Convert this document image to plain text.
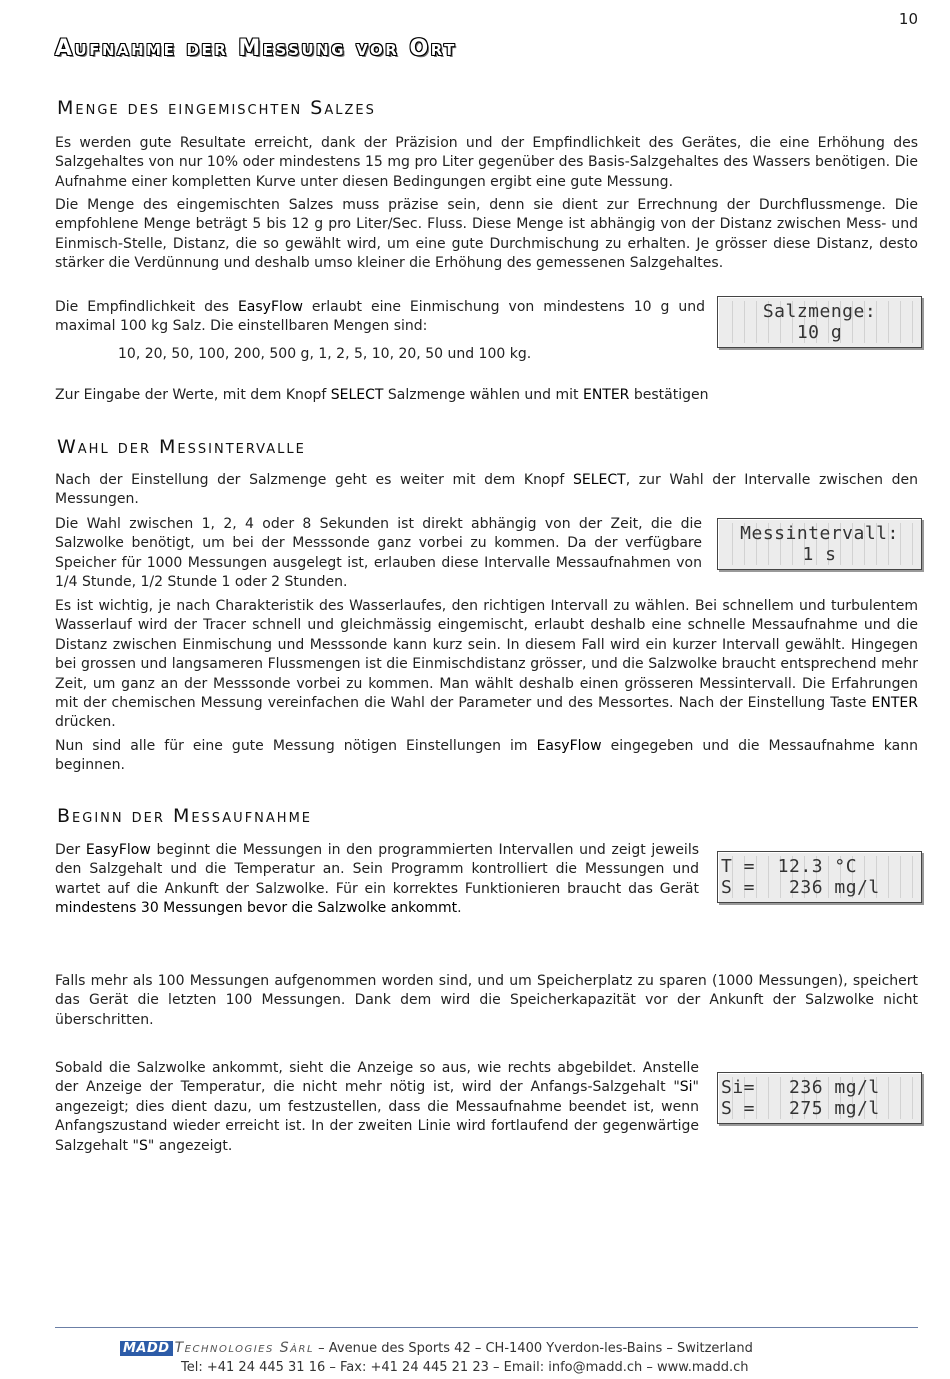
10
Aufnahme der Messung vor Ort
Menge des eingemischten Salzes

Es werden gute Resultate erreicht, dank der Präzision und der Empfindlichkeit des Gerätes, die eine Erhöhung des Salzgehaltes von nur 10% oder mindestens 15 mg pro Liter gegenüber des Basis-Salzgehaltes des Wassers benötigen. Die Aufnahme einer kompletten Kurve unter diesen Bedingungen ergibt eine gute Messung.

Die Menge des eingemischten Salzes muss präzise sein, denn sie dient zur Errechnung der Durchflussmenge. Die empfohlene Menge beträgt 5 bis 12 g pro Liter/Sec. Fluss. Diese Menge ist abhängig von der Distanz zwischen Mess- und Einmisch-Stelle, Distanz, die so gewählt wird, um eine gute Durchmischung zu erhalten. Je grösser diese Distanz, desto stärker die Verdünnung und deshalb umso kleiner die Erhöhung des gemessenen Salzgehaltes.

Die Empfindlichkeit des EasyFlow erlaubt eine Einmischung von mindestens 10 g und maximal 100 kg Salz. Die einstellbaren Mengen sind:

10, 20, 50, 100, 200, 500 g, 1, 2, 5, 10, 20, 50 und 100 kg.

Zur Eingabe der Werte, mit dem Knopf SELECT Salzmenge wählen und mit ENTER bestätigen

Salzmenge:
10 g
Wahl der Messintervalle

Nach der Einstellung der Salzmenge geht es weiter mit dem Knopf SELECT, zur Wahl der Intervalle zwischen den Messungen.

Die Wahl zwischen 1, 2, 4 oder 8 Sekunden ist direkt abhängig von der Zeit, die die Salzwolke benötigt, um bei der Messsonde ganz vorbei zu kommen. Da der verfügbare Speicher für 1000 Messungen ausgelegt ist, erlauben diese Intervalle Messaufnahmen von 1/4 Stunde, 1/2 Stunde 1 oder 2 Stunden.

Es ist wichtig, je nach Charakteristik des Wasserlaufes, den richtigen Intervall zu wählen. Bei schnellem und turbulentem Wasserlauf wird der Tracer schnell und gleichmässig eingemischt, erlaubt deshalb eine schnelle Messaufnahme und die Distanz zwischen Einmischung und Messsonde kann kurz sein. In diesem Fall wird ein kurzer Intervall gewählt. Hingegen bei grossen und langsameren Flussmengen ist die Einmischdistanz grösser, und die Salzwolke braucht entsprechend mehr Zeit, um ganz an der Messsonde vorbei zu kommen. Man wählt deshalb einen grösseren Messintervall. Die Erfahrungen mit der chemischen Messung vereinfachen die Wahl der Parameter und des Messortes. Nach der Einstellung Taste ENTER drücken.

Nun sind alle für eine gute Messung nötigen Einstellungen im EasyFlow eingegeben und die Messaufnahme kann beginnen.

Messintervall:
1 s
Beginn der Messaufnahme

Der EasyFlow beginnt die Messungen in den programmierten Intervallen und zeigt jeweils den Salzgehalt und die Temperatur an. Sein Programm kontrolliert die Messungen und wartet auf die Ankunft der Salzwolke. Für ein korrektes Funktionieren braucht das Gerät mindestens 30 Messungen bevor die Salzwolke ankommt.

Falls mehr als 100 Messungen aufgenommen worden sind, und um Speicherplatz zu sparen (1000 Messungen), speichert das Gerät die letzten 100 Messungen. Dank dem wird die Speicherkapazität vor der Ankunft der Salzwolke nicht überschritten.

Sobald die Salzwolke ankommt, sieht die Anzeige so aus, wie rechts abgebildet. Anstelle der Anzeige der Temperatur, die nicht mehr nötig ist, wird der Anfangs-Salzgehalt "Si" angezeigt; dies dient dazu, um festzustellen, dass die Messaufnahme beendet ist, wenn Anfangszustand wieder erreicht ist. In der zweiten Linie wird fortlaufend der gegenwärtige Salzgehalt "S" angezeigt.

T =  12.3 °C
S =   236 mg/l
Si=   236 mg/l
S =   275 mg/l
MADD Technologies Sàrl – Avenue des Sports 42 – CH-1400 Yverdon-les-Bains – Switzerland
Tel: +41 24 445 31 16 – Fax: +41 24 445 21 23 – Email: info@madd.ch – www.madd.ch
